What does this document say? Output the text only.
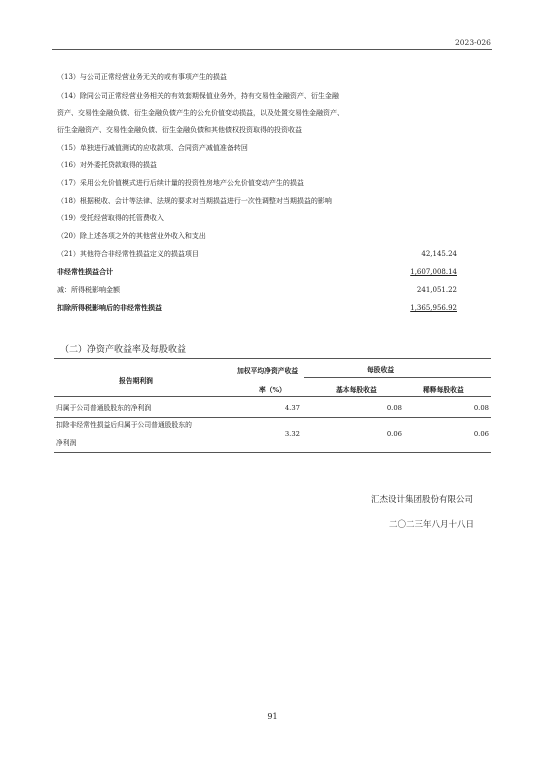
2023-026
（13）与公司正常经营业务无关的或有事项产生的损益
（14）除同公司正常经营业务相关的有效套期保值业务外，持有交易性金融资产、衍生金融
资产、交易性金融负债、衍生金融负债产生的公允价值变动损益，以及处置交易性金融资产、
衍生金融资产、交易性金融负债、衍生金融负债和其他债权投资取得的投资收益
（15）单独进行减值测试的应收款项、合同资产减值准备转回
（16）对外委托贷款取得的损益
（17）采用公允价值模式进行后续计量的投资性房地产公允价值变动产生的损益
（18）根据税收、会计等法律、法规的要求对当期损益进行一次性调整对当期损益的影响
（19）受托经营取得的托管费收入
（20）除上述各项之外的其他营业外收入和支出
（21）其他符合非经常性损益定义的损益项目	42,145.24
非经常性损益合计	1,607,008.14
减：所得税影响金额	241,051.22
扣除所得税影响后的非经常性损益	1,365,956.92
（二）净资产收益率及每股收益
报告期利润
加权平均净资产收益
率（%）
每股收益
基本每股收益	稀释每股收益
归属于公司普通股股东的净利润	4.37	0.08	0.08
扣除非经常性损益后归属于公司普通股股东的
净利润
3.32	0.06	0.06
汇杰设计集团股份有限公司
二〇二三年八月十八日
91
